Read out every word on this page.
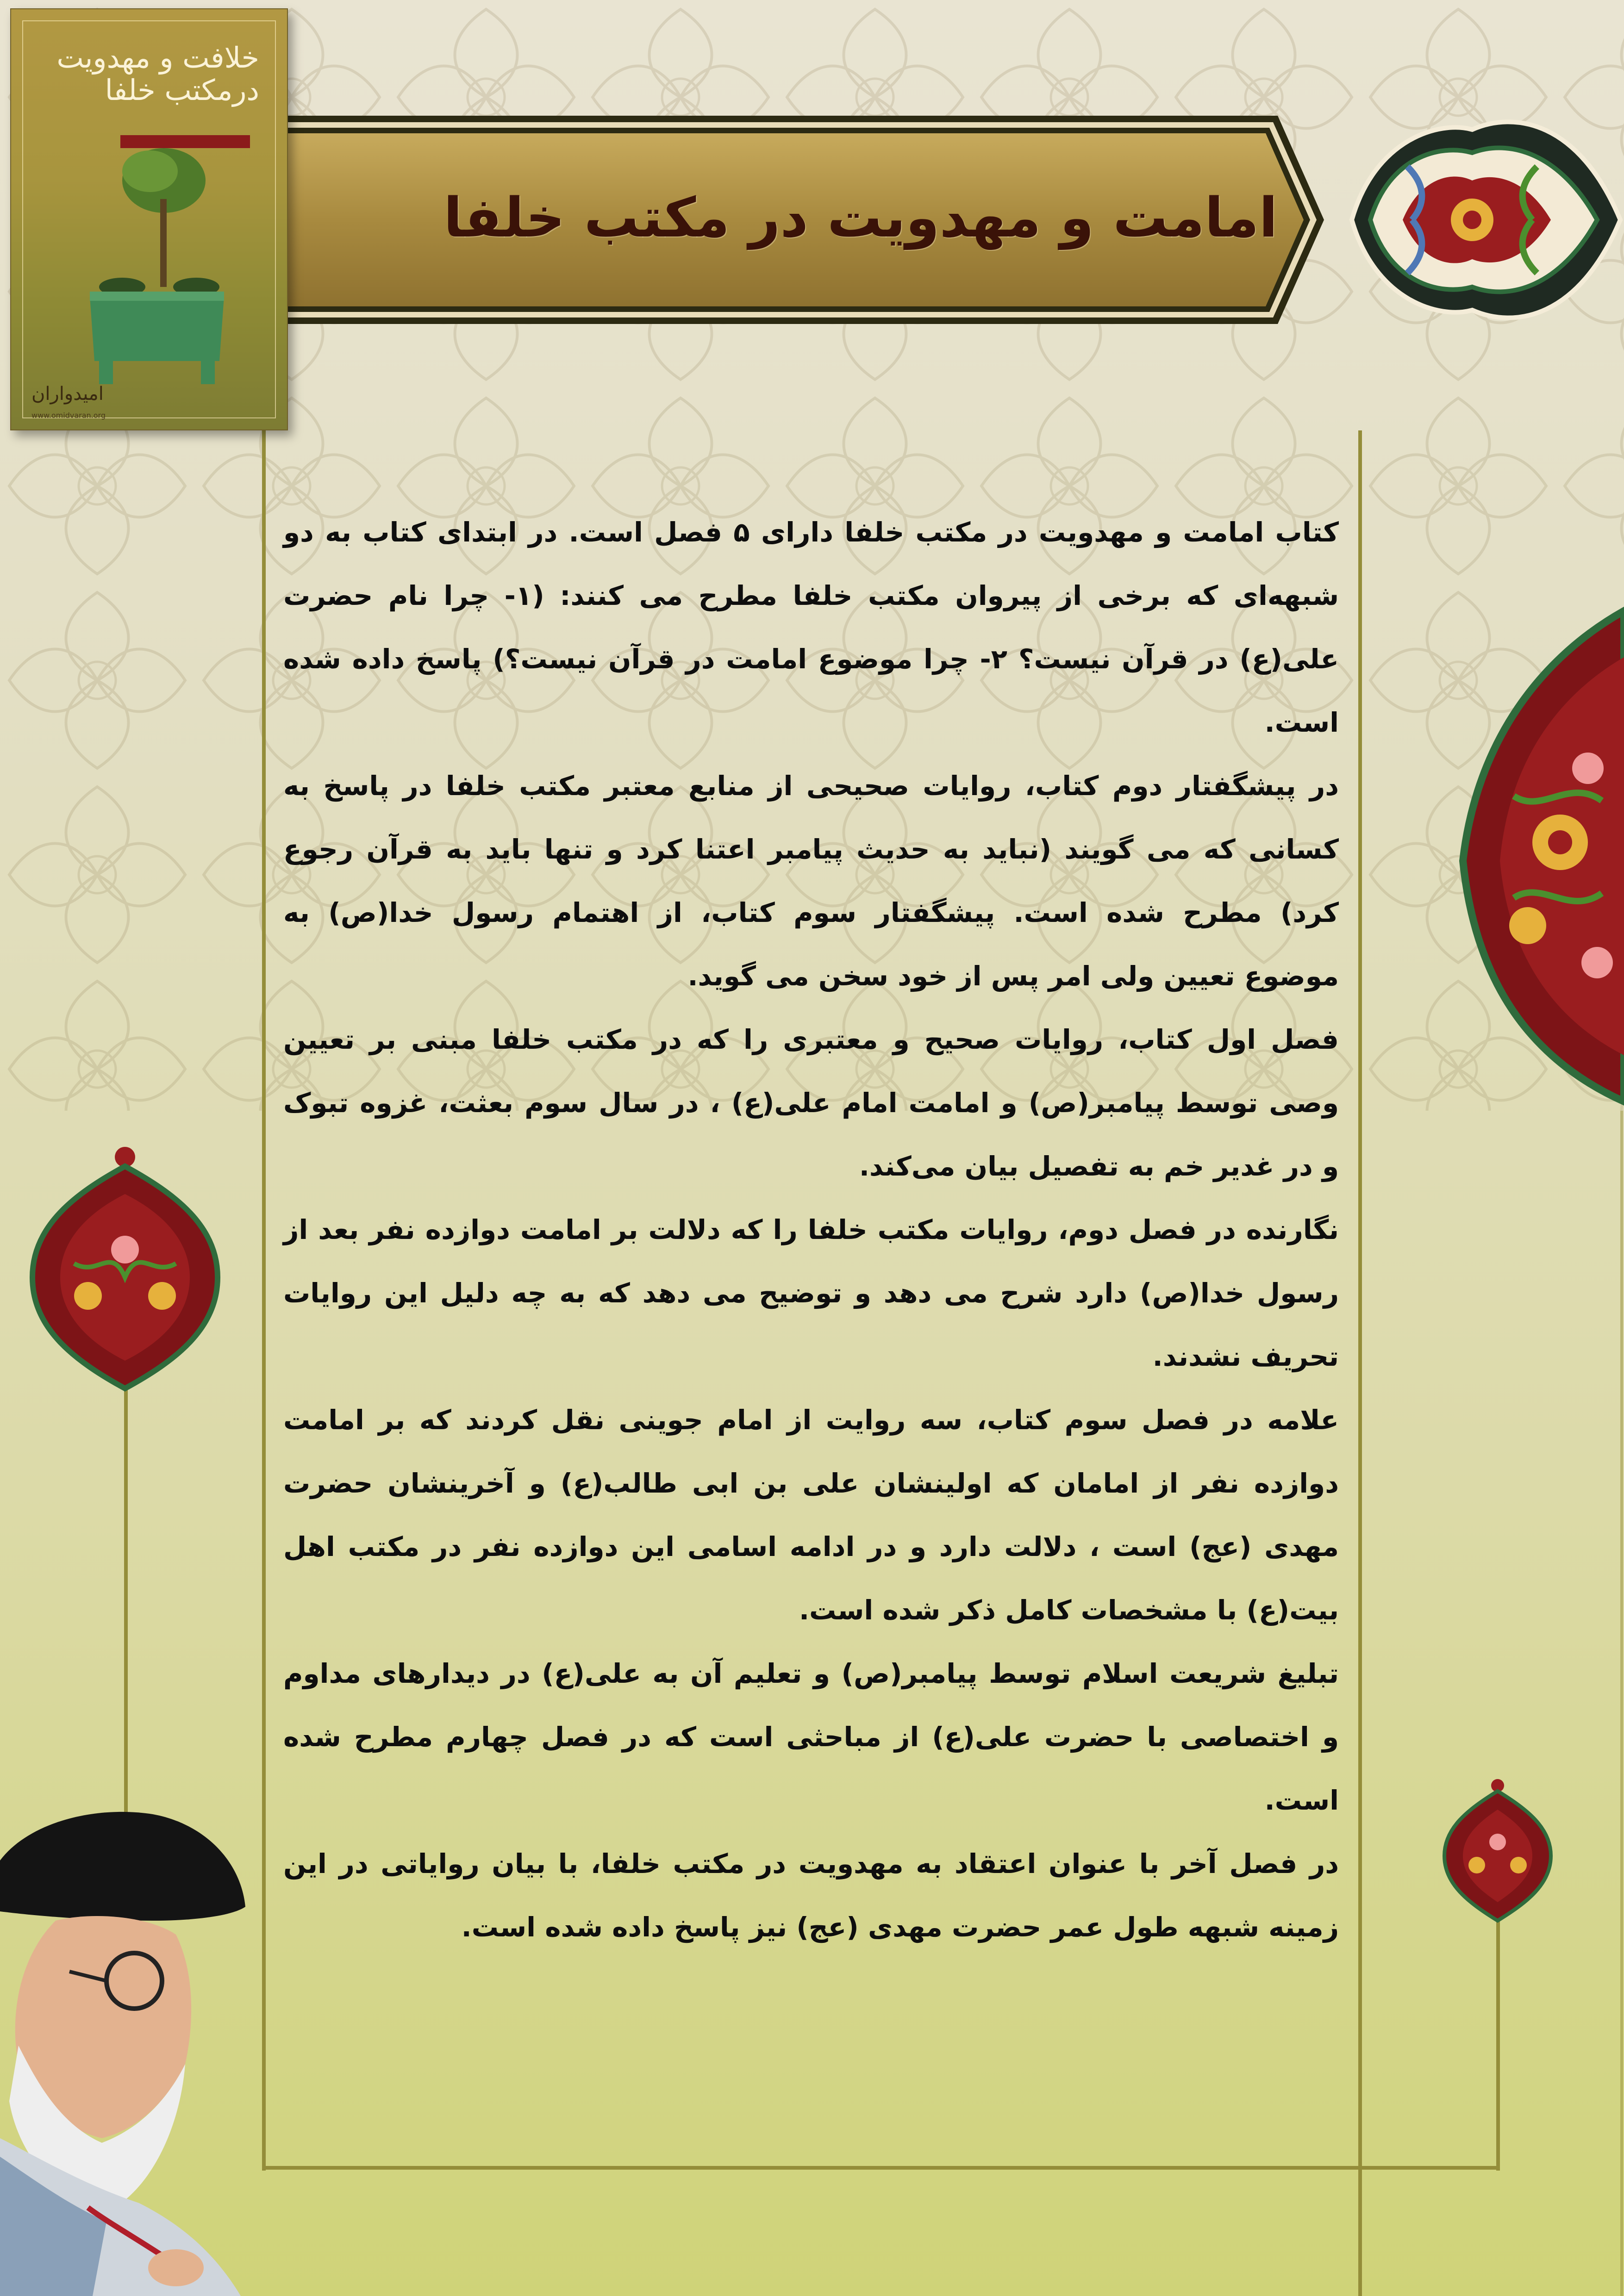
امامت و مهدویت در مکتب خلفا
خلافت و مهدویت
درمکتب خلفا
امیدواران
www.omidvaran.org

کتاب امامت و مهدویت در مکتب خلفا دارای ۵ فصل است. در ابتدای کتاب به دو شبهه‌ای که برخی از پیروان مکتب خلفا مطرح می کنند: (۱- چرا نام حضرت علی(ع) در قرآن نیست؟ ۲- چرا موضوع امامت در قرآن نیست؟) پاسخ داده شده است.

در پیشگفتار دوم کتاب، روایات صحیحی از منابع معتبر مکتب خلفا در پاسخ به کسانی که می گویند (نباید به حدیث پیامبر اعتنا کرد و تنها باید به قرآن رجوع کرد) مطرح شده است. پیشگفتار سوم کتاب، از اهتمام رسول خدا(ص) به موضوع تعیین ولی امر پس از خود سخن می گوید.

فصل اول کتاب، روایات صحیح و معتبری را که در مکتب خلفا مبنی بر تعیین وصی توسط پیامبر(ص) و امامت امام علی(ع) ، در سال سوم بعثت، غزوه تبوک و در غدیر خم به تفصیل بیان می‌کند.

نگارنده در فصل دوم، روایات مکتب خلفا را که دلالت بر امامت دوازده نفر بعد از رسول خدا(ص) دارد شرح می دهد و توضیح می دهد که به چه دلیل این روایات تحریف نشدند.

علامه در فصل سوم کتاب، سه روایت از امام جوینی نقل کردند که بر امامت دوازده نفر از امامان که اولینشان علی بن ابی طالب(ع) و آخرینشان حضرت مهدی (عج) است ، دلالت دارد و در ادامه اسامی این دوازده نفر در مکتب اهل بیت(ع) با مشخصات کامل ذکر شده است.

تبلیغ شریعت اسلام توسط پیامبر(ص) و تعلیم آن به علی(ع) در دیدارهای مداوم و اختصاصی با حضرت علی(ع) از مباحثی است که در فصل چهارم مطرح شده است.

در فصل آخر با عنوان اعتقاد به مهدویت در مکتب خلفا، با بیان روایاتی در این زمینه شبهه طول عمر حضرت مهدی (عج) نیز پاسخ داده شده است.
